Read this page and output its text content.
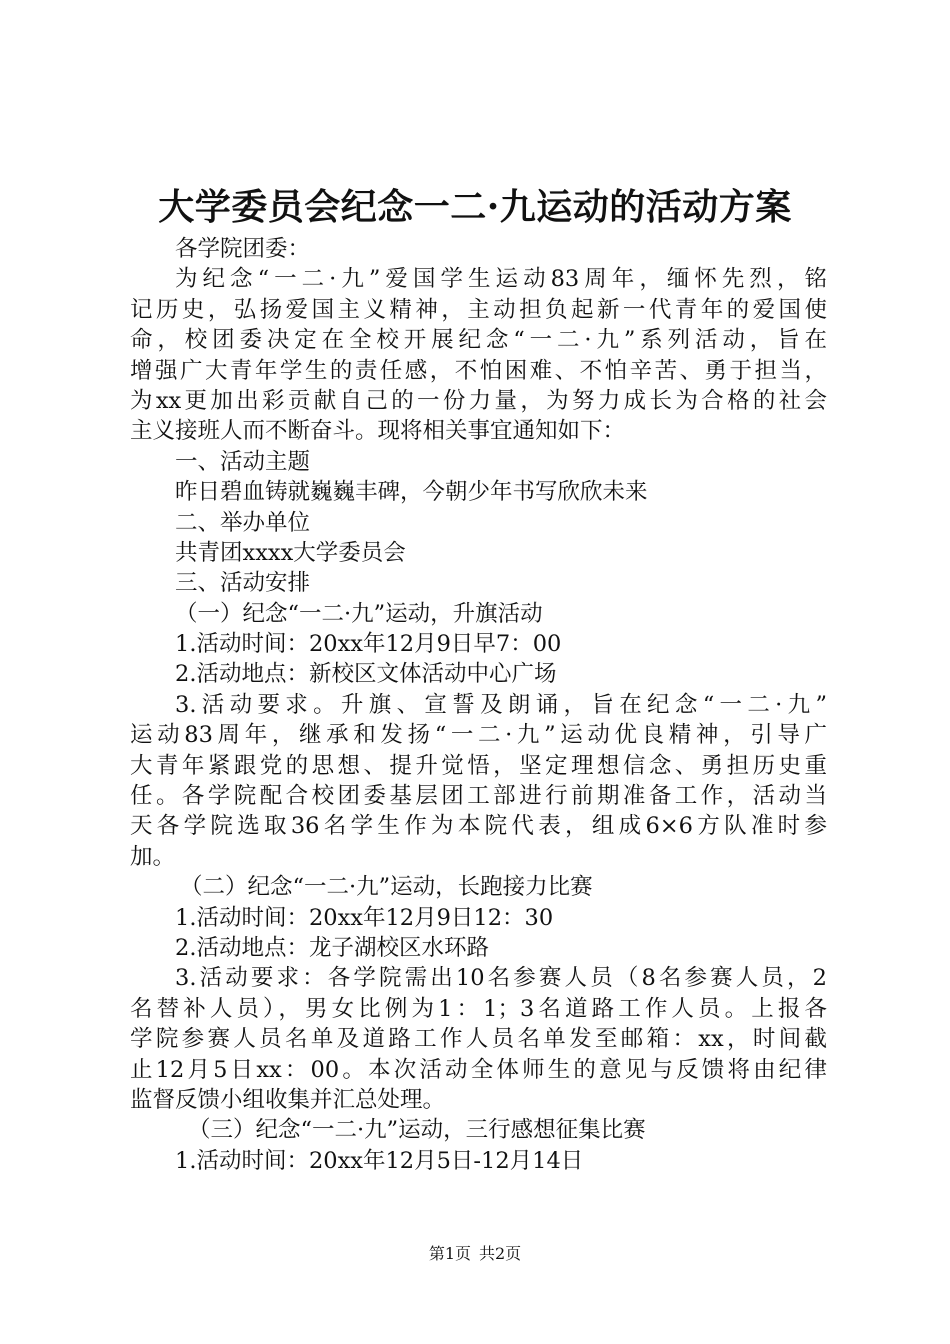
大学委员会纪念一二·九运动的活动方案
各学院团委：
为纪念“一二·九”爱国学生运动83周年，缅怀先烈，铭
记历史，弘扬爱国主义精神，主动担负起新一代青年的爱国使
命，校团委决定在全校开展纪念“一二·九”系列活动，旨在
增强广大青年学生的责任感，不怕困难、不怕辛苦、勇于担当，
为xx更加出彩贡献自己的一份力量，为努力成长为合格的社会
主义接班人而不断奋斗。现将相关事宜通知如下：
一、活动主题
昨日碧血铸就巍巍丰碑，今朝少年书写欣欣未来
二、举办单位
共青团xxxx大学委员会
三、活动安排
（一）纪念“一二·九”运动，升旗活动
1.活动时间：20xx年12月9日早7：00
2.活动地点：新校区文体活动中心广场
3.活动要求。升旗、宣誓及朗诵，旨在纪念“一二·九”
运动83周年，继承和发扬“一二·九”运动优良精神，引导广
大青年紧跟党的思想、提升觉悟，坚定理想信念、勇担历史重
任。各学院配合校团委基层团工部进行前期准备工作，活动当
天各学院选取36名学生作为本院代表，组成6×6方队准时参
加。
（二）纪念“一二·九”运动，长跑接力比赛
1.活动时间：20xx年12月9日12：30
2.活动地点：龙子湖校区水环路
3.活动要求：各学院需出10名参赛人员（8名参赛人员，2
名替补人员），男女比例为1：1；3名道路工作人员。上报各
学院参赛人员名单及道路工作人员名单发至邮箱：xx，时间截
止12月5日xx：00。本次活动全体师生的意见与反馈将由纪律
监督反馈小组收集并汇总处理。
（三）纪念“一二·九”运动，三行感想征集比赛
1.活动时间：20xx年12月5日-12月14日
第1页 共2页
